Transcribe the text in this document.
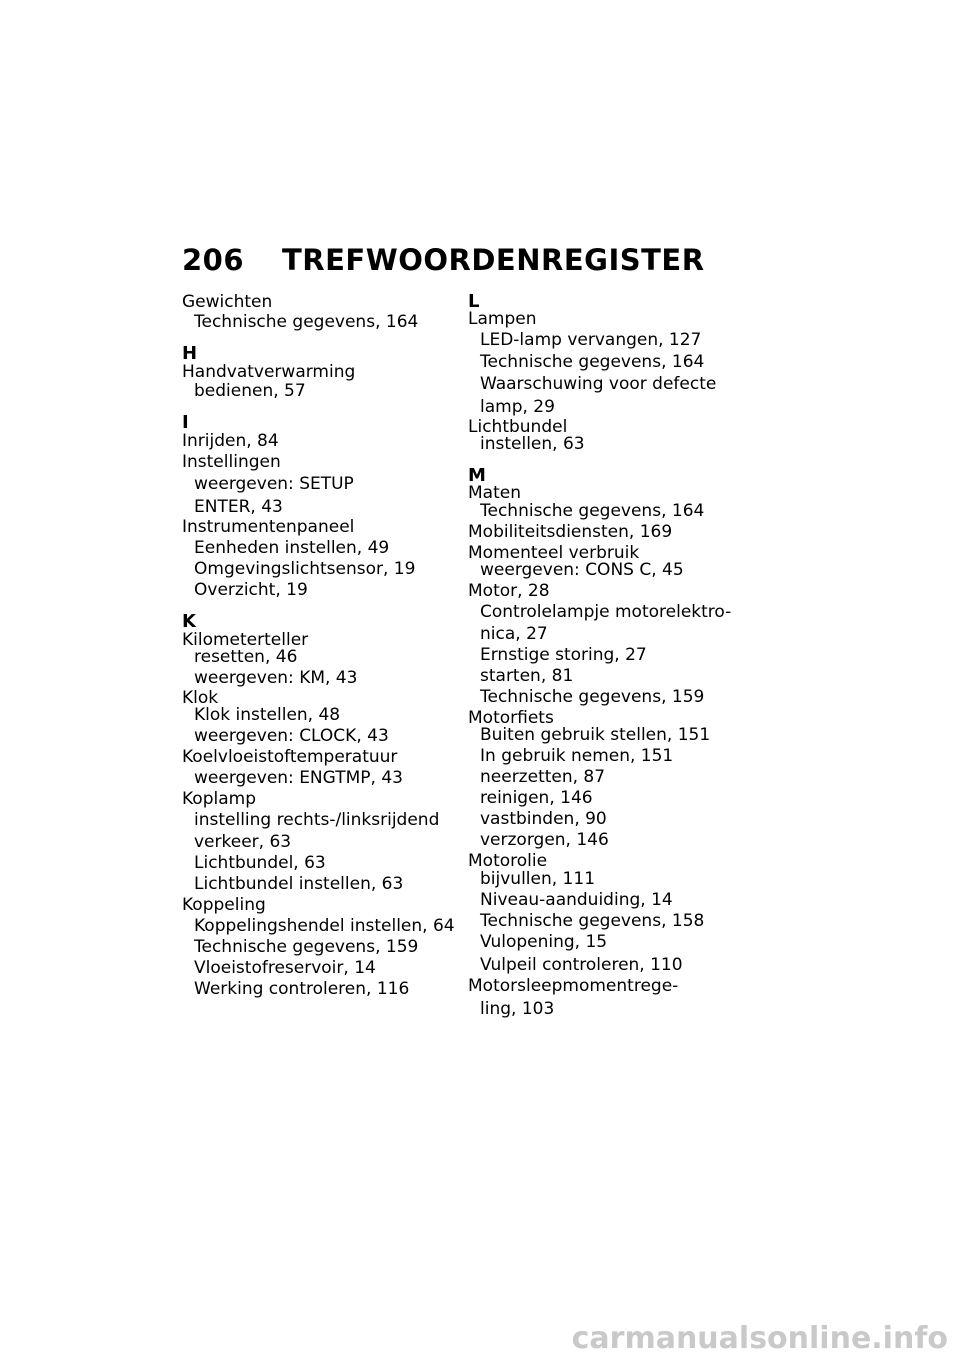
206 TREFWOORDENREGISTER
Gewichten
Technische gegevens, 164
H
Handvatverwarming
bedienen, 57
I
Inrijden, 84
Instellingen
weergeven: SETUP
ENTER, 43
Instrumentenpaneel
Eenheden instellen, 49
Omgevingslichtsensor, 19
Overzicht, 19
K
Kilometerteller
resetten, 46
weergeven: KM, 43
Klok
Klok instellen, 48
weergeven: CLOCK, 43
Koelvloeistoftemperatuur
weergeven: ENGTMP, 43
Koplamp
instelling rechts-/linksrijdend
verkeer, 63
Lichtbundel, 63
Lichtbundel instellen, 63
Koppeling
Koppelingshendel instellen, 64
Technische gegevens, 159
Vloeistofreservoir, 14
Werking controleren, 116
L
Lampen
LED-lamp vervangen, 127
Technische gegevens, 164
Waarschuwing voor defecte
lamp, 29
Lichtbundel
instellen, 63
M
Maten
Technische gegevens, 164
Mobiliteitsdiensten, 169
Momenteel verbruik
weergeven: CONS C, 45
Motor, 28
Controlelampje motorelektro-
nica, 27
Ernstige storing, 27
starten, 81
Technische gegevens, 159
Motorfiets
Buiten gebruik stellen, 151
In gebruik nemen, 151
neerzetten, 87
reinigen, 146
vastbinden, 90
verzorgen, 146
Motorolie
bijvullen, 111
Niveau-aanduiding, 14
Technische gegevens, 158
Vulopening, 15
Vulpeil controleren, 110
Motorsleepmomentrege-
ling, 103
carmanualsonline.info
